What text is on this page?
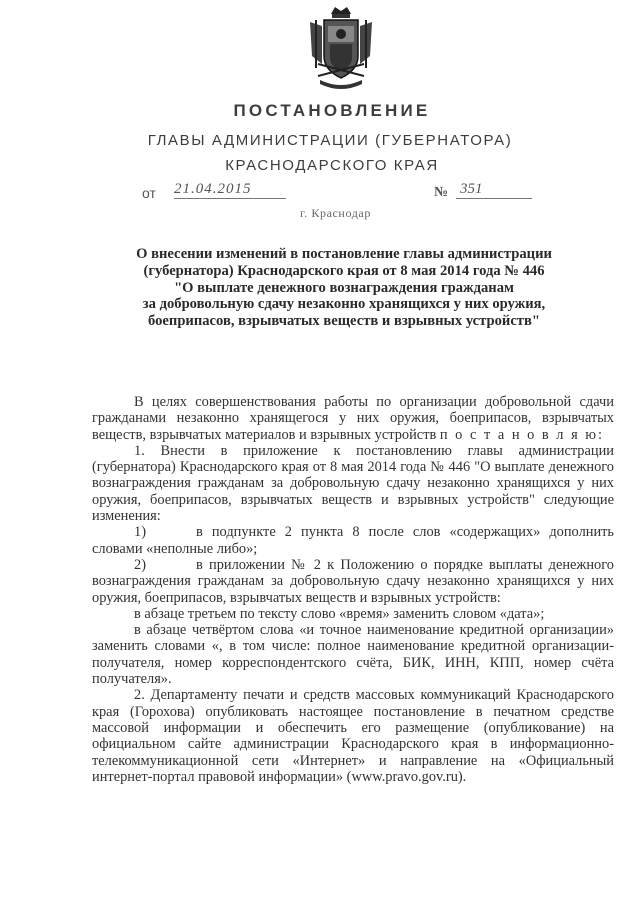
ПОСТАНОВЛЕНИЕ
ГЛАВЫ АДМИНИСТРАЦИИ (ГУБЕРНАТОРА)
КРАСНОДАРСКОГО КРАЯ
от 21.04.2015	№ 351
г. Краснодар
О внесении изменений в постановление главы администрации
(губернатора) Краснодарского края от 8 мая 2014 года № 446
"О выплате денежного вознаграждения гражданам
за добровольную сдачу незаконно хранящихся у них оружия,
боеприпасов, взрывчатых веществ и взрывных устройств"

В целях совершенствования работы по организации добровольной сдачи гражданами незаконно хранящегося у них оружия, боеприпасов, взрывчатых веществ, взрывчатых материалов и взрывных устройств п о с т а н о в л я ю:

1. Внести в приложение к постановлению главы администрации (губернатора) Краснодарского края от 8 мая 2014 года № 446 "О выплате денежного вознаграждения гражданам за добровольную сдачу незаконно хранящихся у них оружия, боеприпасов, взрывчатых веществ и взрывных устройств" следующие изменения:

1)	в подпункте 2 пункта 8 после слов «содержащих» дополнить словами «неполные либо»;

2)	в приложении № 2 к Положению о порядке выплаты денежного вознаграждения гражданам за добровольную сдачу незаконно хранящихся у них оружия, боеприпасов, взрывчатых веществ и взрывных устройств:

в абзаце третьем по тексту слово «время» заменить словом «дата»;

в абзаце четвёртом слова «и точное наименование кредитной организации» заменить словами «, в том числе: полное наименование кредитной организации-получателя, номер корреспондентского счёта, БИК, ИНН, КПП, номер счёта получателя».

2. Департаменту печати и средств массовых коммуникаций Краснодарского края (Горохова) опубликовать настоящее постановление в печатном средстве массовой информации и обеспечить его размещение (опубликование) на официальном сайте администрации Краснодарского края в информационно-телекоммуникационной сети «Интернет» и направление на «Официальный интернет-портал правовой информации» (www.pravo.gov.ru).
